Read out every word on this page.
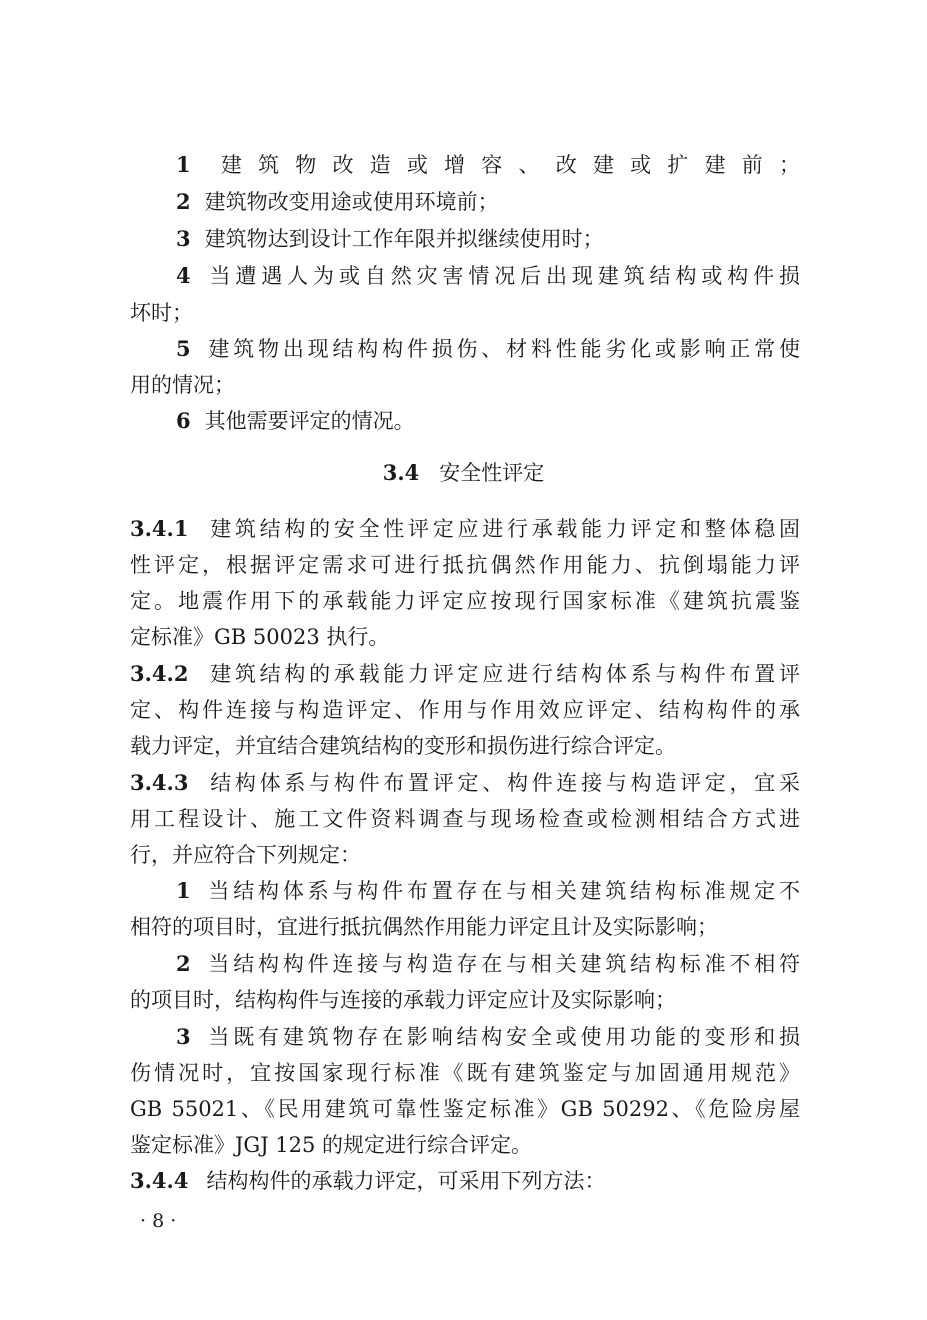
1 建筑物改造或增容、改建或扩建前；
2 建筑物改变用途或使用环境前；
3 建筑物达到设计工作年限并拟继续使用时；
4 当遭遇人为或自然灾害情况后出现建筑结构或构件损
坏时；
5 建筑物出现结构构件损伤、材料性能劣化或影响正常使
用的情况；
6 其他需要评定的情况。
3.4 安全性评定
3.4.1 建筑结构的安全性评定应进行承载能力评定和整体稳固
性评定，根据评定需求可进行抵抗偶然作用能力、抗倒塌能力评
定。地震作用下的承载能力评定应按现行国家标准《建筑抗震鉴
定标准》GB 50023 执行。
3.4.2 建筑结构的承载能力评定应进行结构体系与构件布置评
定、构件连接与构造评定、作用与作用效应评定、结构构件的承
载力评定，并宜结合建筑结构的变形和损伤进行综合评定。
3.4.3 结构体系与构件布置评定、构件连接与构造评定，宜采
用工程设计、施工文件资料调查与现场检查或检测相结合方式进
行，并应符合下列规定：
1 当结构体系与构件布置存在与相关建筑结构标准规定不
相符的项目时，宜进行抵抗偶然作用能力评定且计及实际影响；
2 当结构构件连接与构造存在与相关建筑结构标准不相符
的项目时，结构构件与连接的承载力评定应计及实际影响；
3 当既有建筑物存在影响结构安全或使用功能的变形和损
伤情况时，宜按国家现行标准《既有建筑鉴定与加固通用规范》
GB 55021、《民用建筑可靠性鉴定标准》GB 50292、《危险房屋
鉴定标准》JGJ 125 的规定进行综合评定。
3.4.4 结构构件的承载力评定，可采用下列方法：
· 8 ·
